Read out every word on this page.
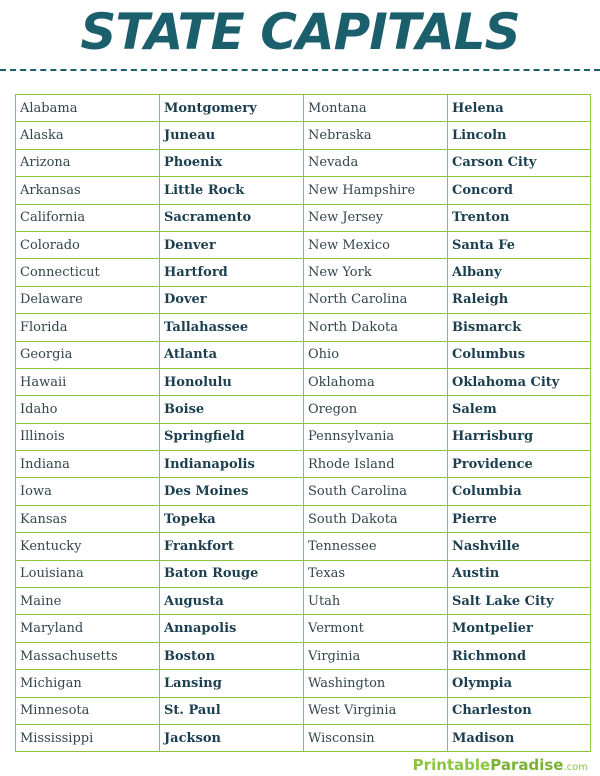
STATE CAPITALS
Alabama	Montgomery	Montana	Helena
Alaska	Juneau	Nebraska	Lincoln
Arizona	Phoenix	Nevada	Carson City
Arkansas	Little Rock	New Hampshire	Concord
California	Sacramento	New Jersey	Trenton
Colorado	Denver	New Mexico	Santa Fe
Connecticut	Hartford	New York	Albany
Delaware	Dover	North Carolina	Raleigh
Florida	Tallahassee	North Dakota	Bismarck
Georgia	Atlanta	Ohio	Columbus
Hawaii	Honolulu	Oklahoma	Oklahoma City
Idaho	Boise	Oregon	Salem
Illinois	Springfield	Pennsylvania	Harrisburg
Indiana	Indianapolis	Rhode Island	Providence
Iowa	Des Moines	South Carolina	Columbia
Kansas	Topeka	South Dakota	Pierre
Kentucky	Frankfort	Tennessee	Nashville
Louisiana	Baton Rouge	Texas	Austin
Maine	Augusta	Utah	Salt Lake City
Maryland	Annapolis	Vermont	Montpelier
Massachusetts	Boston	Virginia	Richmond
Michigan	Lansing	Washington	Olympia
Minnesota	St. Paul	West Virginia	Charleston
Mississippi	Jackson	Wisconsin	Madison
PrintableParadise.com
